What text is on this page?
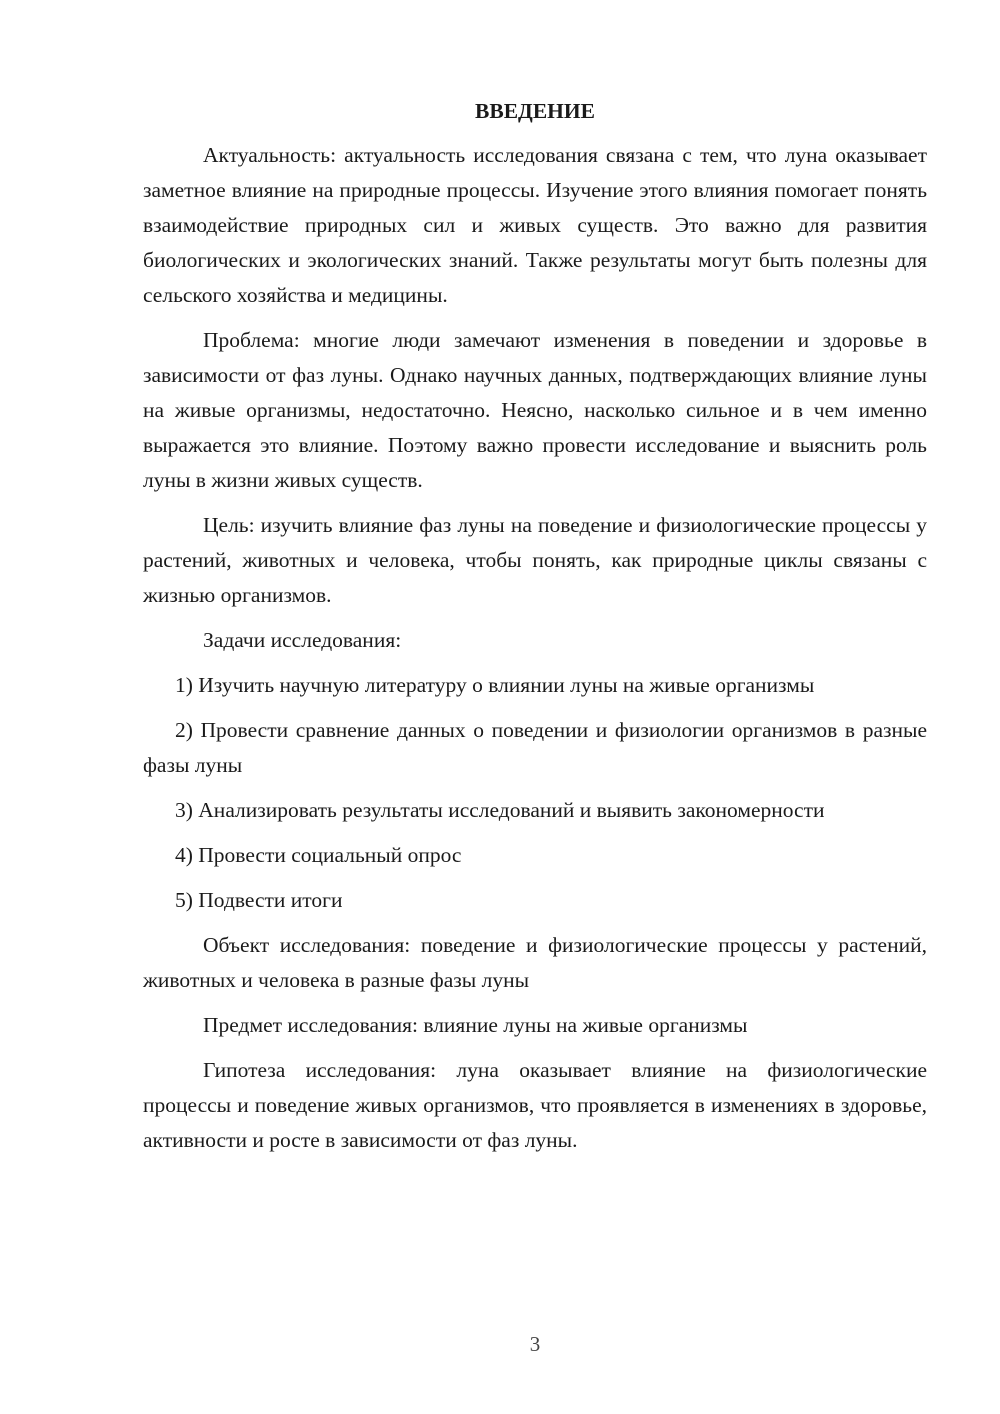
ВВЕДЕНИЕ

Актуальность: актуальность исследования связана с тем, что луна оказывает заметное влияние на природные процессы. Изучение этого влияния помогает понять взаимодействие природных сил и живых существ. Это важно для развития биологических и экологических знаний. Также результаты могут быть полезны для сельского хозяйства и медицины.

Проблема: многие люди замечают изменения в поведении и здоровье в зависимости от фаз луны. Однако научных данных, подтверждающих влияние луны на живые организмы, недостаточно. Неясно, насколько сильное и в чем именно выражается это влияние. Поэтому важно провести исследование и выяснить роль луны в жизни живых существ.

Цель: изучить влияние фаз луны на поведение и физиологические процессы у растений, животных и человека, чтобы понять, как природные циклы связаны с жизнью организмов.

Задачи исследования:

1) Изучить научную литературу о влиянии луны на живые организмы

2) Провести сравнение данных о поведении и физиологии организмов в разные фазы луны

3) Анализировать результаты исследований и выявить закономерности

4) Провести социальный опрос

5) Подвести итоги

Объект исследования: поведение и физиологические процессы у растений, животных и человека в разные фазы луны

Предмет исследования: влияние луны на живые организмы

Гипотеза исследования: луна оказывает влияние на физиологические процессы и поведение живых организмов, что проявляется в изменениях в здоровье, активности и росте в зависимости от фаз луны.

3
